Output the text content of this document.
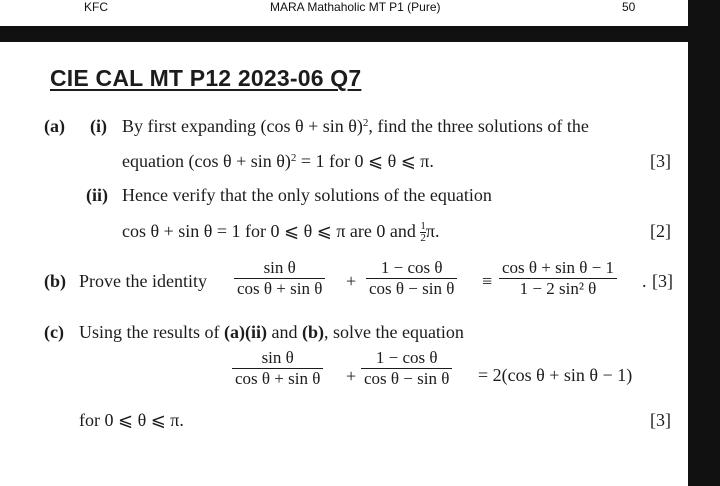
KFC	MARA Mathaholic MT P1 (Pure)	50
CIE CAL MT P12 2023-06 Q7
(a) (i) By first expanding (cos θ + sin θ)$^2$, find the three solutions of the
equation (cos θ + sin θ)$^2$ = 1 for 0 ⩽ θ ⩽ π.	[3]
(ii) Hence verify that the only solutions of the equation
cos θ + sin θ = 1 for 0 ⩽ θ ⩽ π are 0 and $\frac{1}{2} \pi$.	[2]
(b) Prove the identity $\frac{\text{sin θ}}{\text{cos θ + sin θ}} + \frac{\text{1 − cos θ}}{\text{cos θ − sin θ}} \equiv \frac{\text{cos θ + sin θ − 1}}{\text{1 − 2 sin² θ}}$ . [3]
(c) Using the results of (a)(ii) and (b), solve the equation
$\frac{\text{sin θ}}{\text{cos θ + sin θ}} + \frac{\text{1 − cos θ}}{\text{cos θ − sin θ}} = 2(\cos$ θ + sin θ − 1)
for 0 ⩽ θ ⩽ π.	[3]
